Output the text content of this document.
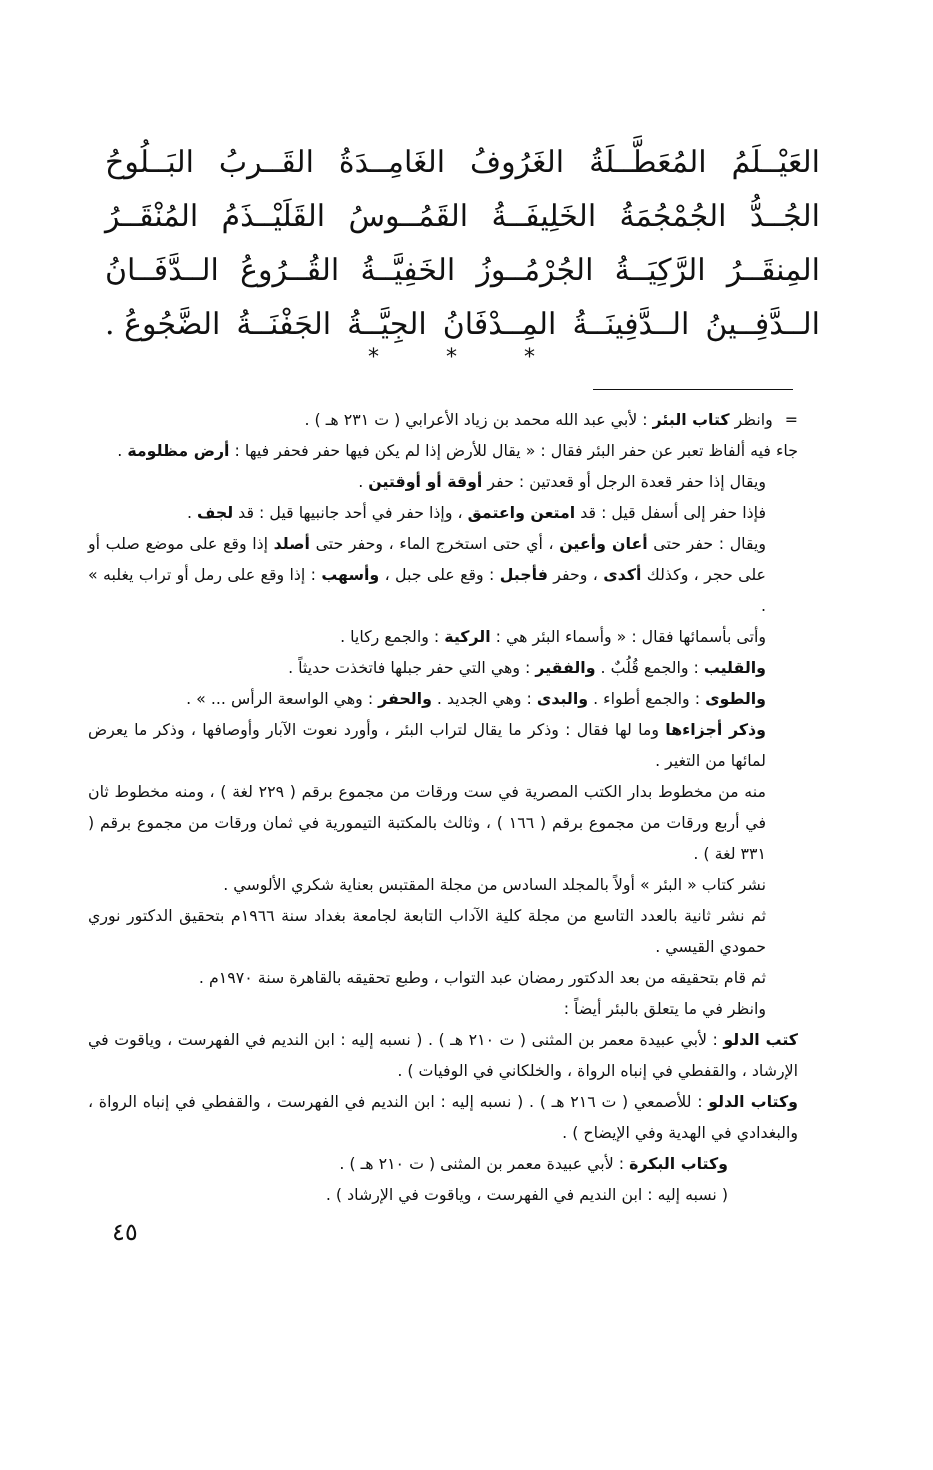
العَيْــلَمُ
المُعَطَّــلَةُ
الغَرُوفُ
الغَامِــدَةُ
القَــربُ
البَــلُوحُ
الجُــدُّ
الجُمْجُمَةُ
الخَلِيفَــةُ
القَمُــوسُ
القَلَيْــذَمُ
المُنْقَــرُ
المِنقَــرُ
الرَّكِيَــةُ
الجُرْمُــوزُ
الخَفِيَّــةُ
القُــرُوعُ
الــدَّفَــانُ
الــدَّفِــينُ
الــدَّفِينَــةُ
المِــدْفَانُ
الجِيَّــةُ
الجَفْنَــةُ
الضَّجُوعُ .
* * *

=وانظر كتاب البئر : لأبي عبد الله محمد بن زياد الأعرابي ( ت ٢٣١ هـ ) .

جاء فيه ألفاظ تعبر عن حفر البئر فقال : « يقال للأرض إذا لم يكن فيها حفر فحفر فيها : أرض مظلومة .

ويقال إذا حفر قعدة الرجل أو قعدتين : حفر أوقة أو أوقتين .

فإذا حفر إلى أسفل قيل : قد امتعن واعتمق ، وإذا حفر في أحد جانبيها قيل : قد لجف .

ويقال : حفر حتى أعان وأعين ، أي حتى استخرج الماء ، وحفر حتى أصلد إذا وقع على موضع صلب أو على حجر ، وكذلك أكدى ، وحفر فأجبل : وقع على جبل ، وأسهب : إذا وقع على رمل أو تراب يغلبه » .

وأتى بأسمائها فقال : « وأسماء البئر هي : الركية : والجمع ركايا .

والقليب : والجمع قُلُبٌ . والفقير : وهي التي حفر جبلها فاتخذت حديثاً .

والطوى : والجمع أطواء . والبدى : وهي الجديد . والحفر : وهي الواسعة الرأس ... » .

وذكر أجزاءها وما لها فقال : وذكر ما يقال لتراب البئر ، وأورد نعوت الآبار وأوصافها ، وذكر ما يعرض لمائها من التغير .

منه من مخطوط بدار الكتب المصرية في ست ورقات من مجموع برقم ( ٢٢٩ لغة ) ، ومنه مخطوط ثان في أربع ورقات من مجموع برقم ( ١٦٦ ) ، وثالث بالمكتبة التيمورية في ثمان ورقات من مجموع برقم ( ٣٣١ لغة ) .

نشر كتاب « البئر » أولاً بالمجلد السادس من مجلة المقتبس بعناية شكري الألوسي .

ثم نشر ثانية بالعدد التاسع من مجلة كلية الآداب التابعة لجامعة بغداد سنة ١٩٦٦م بتحقيق الدكتور نوري حمودي القيسي .

ثم قام بتحقيقه من بعد الدكتور رمضان عبد التواب ، وطبع تحقيقه بالقاهرة سنة ١٩٧٠م .

وانظر في ما يتعلق بالبئر أيضاً :

كتب الدلو : لأبي عبيدة معمر بن المثنى ( ت ٢١٠ هـ ) . ( نسبه إليه : ابن النديم في الفهرست ، وياقوت في الإرشاد ، والقفطي في إنباه الرواة ، والخلكاني في الوفيات ) .

وكتاب الدلو : للأصمعي ( ت ٢١٦ هـ ) . ( نسبه إليه : ابن النديم في الفهرست ، والقفطي في إنباه الرواة ، والبغدادي في الهدية وفي الإيضاح ) .

وكتاب البكرة : لأبي عبيدة معمر بن المثنى ( ت ٢١٠ هـ ) .

( نسبه إليه : ابن النديم في الفهرست ، وياقوت في الإرشاد ) .

٤٥
